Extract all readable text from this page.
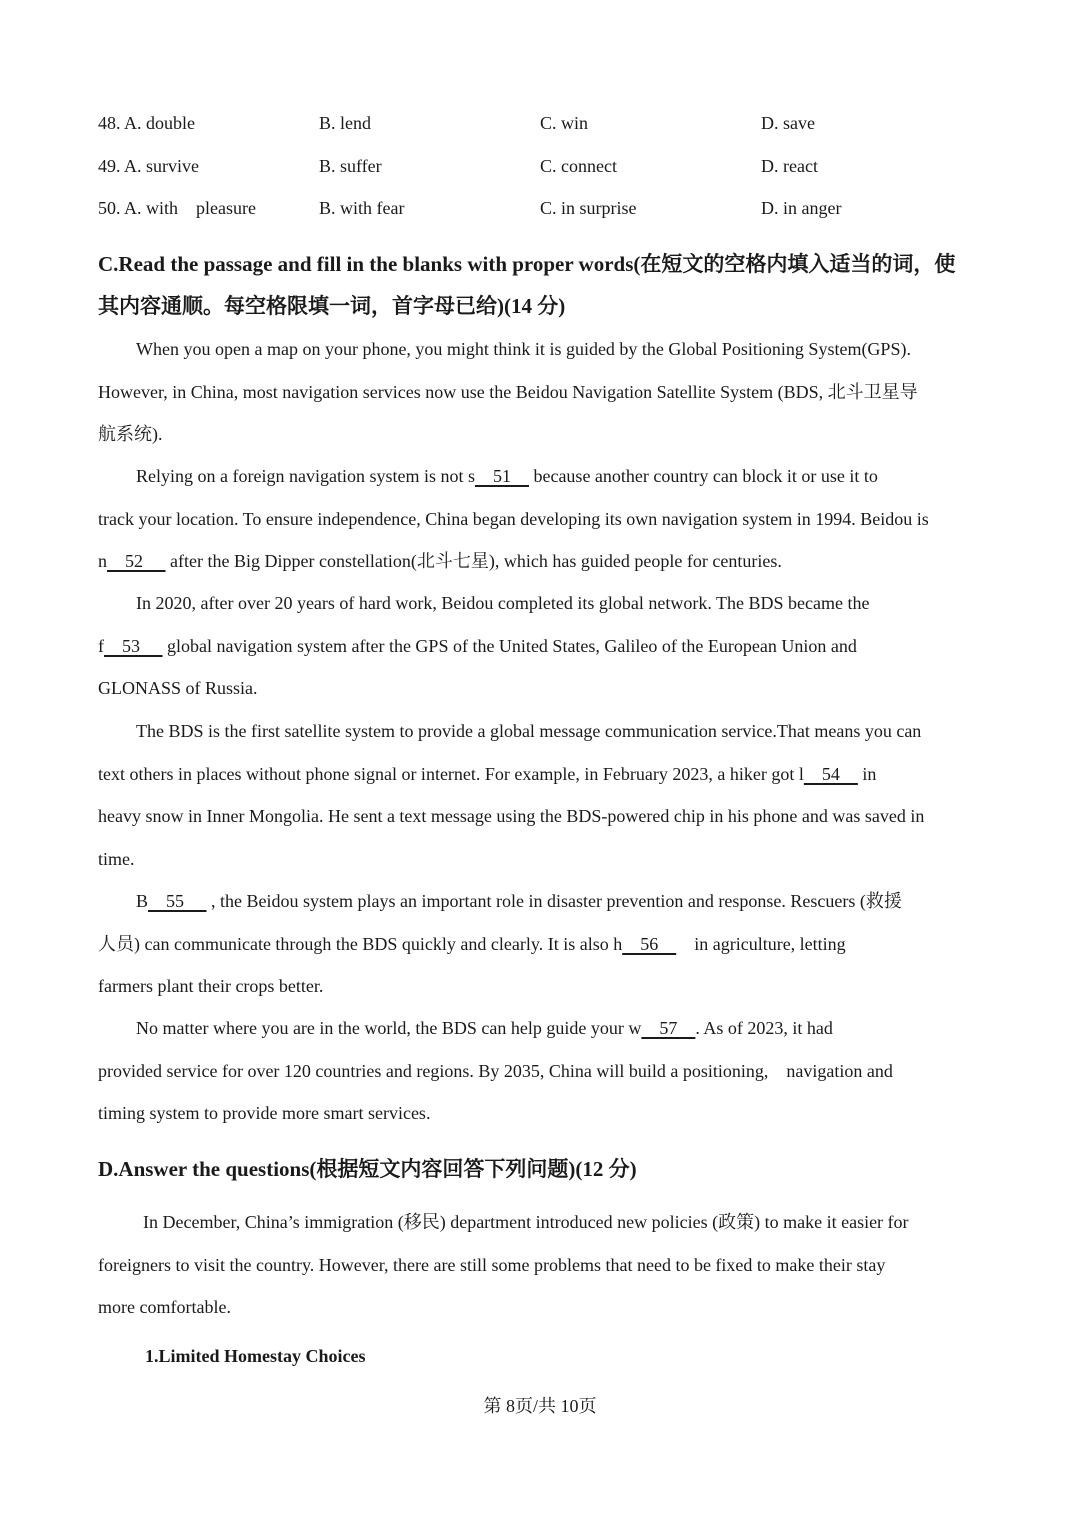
48. A. double	B. lend	C. win	D. save
49. A. survive	B. suffer	C. connect	D. react
50. A. with    pleasure	B. with fear	C. in surprise	D. in anger
C.Read the passage and fill in the blanks with proper words(在短文的空格内填入适当的词，使
其内容通顺。每空格限填一词，首字母已给)(14 分)
When you open a map on your phone, you might think it is guided by the Global Positioning System(GPS).
However, in China, most navigation services now use the Beidou Navigation Satellite System (BDS, 北斗卫星导
航系统).
Relying on a foreign navigation system is not s    51     because another country can block it or use it to
track your location. To ensure independence, China began developing its own navigation system in 1994. Beidou is
n    52      after the Big Dipper constellation(北斗七星), which has guided people for centuries.
In 2020, after over 20 years of hard work, Beidou completed its global network. The BDS became the
f    53      global navigation system after the GPS of the United States, Galileo of the European Union and
GLONASS of Russia.
The BDS is the first satellite system to provide a global message communication service.That means you can
text others in places without phone signal or internet. For example, in February 2023, a hiker got l    54     in
heavy snow in Inner Mongolia. He sent a text message using the BDS-powered chip in his phone and was saved in
time.
B    55      , the Beidou system plays an important role in disaster prevention and response. Rescuers (救援
人员) can communicate through the BDS quickly and clearly. It is also h    56        in agriculture, letting
farmers plant their crops better.
No matter where you are in the world, the BDS can help guide your w    57    . As of 2023, it had
provided service for over 120 countries and regions. By 2035, China will build a positioning,    navigation and
timing system to provide more smart services.
D.Answer the questions(根据短文内容回答下列问题)(12 分)
In December, China’s immigration (移民) department introduced new policies (政策) to make it easier for
foreigners to visit the country. However, there are still some problems that need to be fixed to make their stay
more comfortable.
1.Limited Homestay Choices
第 8页/共 10页
